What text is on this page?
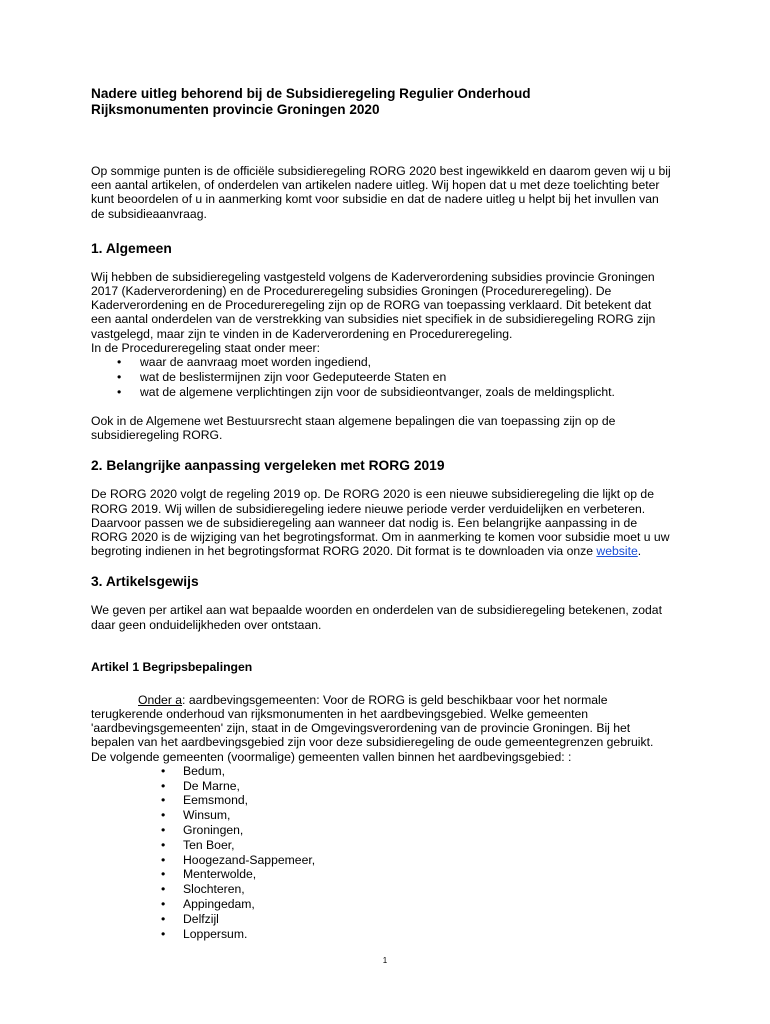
Nadere uitleg behorend bij de Subsidieregeling Regulier Onderhoud
Rijksmonumenten provincie Groningen 2020

Op sommige punten is de officiële subsidieregeling RORG 2020 best ingewikkeld en daarom geven wij u bij een aantal artikelen, of onderdelen van artikelen nadere uitleg. Wij hopen dat u met deze toelichting beter kunt beoordelen of u in aanmerking komt voor subsidie en dat de nadere uitleg u helpt bij het invullen van de subsidieaanvraag.

1. Algemeen

Wij hebben de subsidieregeling vastgesteld volgens de Kaderverordening subsidies provincie Groningen 2017 (Kaderverordening) en de Procedureregeling subsidies Groningen (Procedureregeling). De Kaderverordening en de Procedureregeling zijn op de RORG van toepassing verklaard. Dit betekent dat een aantal onderdelen van de verstrekking van subsidies niet specifiek in de subsidieregeling RORG zijn vastgelegd, maar zijn te vinden in de Kaderverordening en Procedureregeling.

In de Procedureregeling staat onder meer:

• waar de aanvraag moet worden ingediend,
• wat de beslistermijnen zijn voor Gedeputeerde Staten en
• wat de algemene verplichtingen zijn voor de subsidieontvanger, zoals de meldingsplicht.

Ook in de Algemene wet Bestuursrecht staan algemene bepalingen die van toepassing zijn op de subsidieregeling RORG.

2. Belangrijke aanpassing vergeleken met RORG 2019

De RORG 2020 volgt de regeling 2019 op. De RORG 2020 is een nieuwe subsidieregeling die lijkt op de RORG 2019. Wij willen de subsidieregeling iedere nieuwe periode verder verduidelijken en verbeteren. Daarvoor passen we de subsidieregeling aan wanneer dat nodig is. Een belangrijke aanpassing in de RORG 2020 is de wijziging van het begrotingsformat. Om in aanmerking te komen voor subsidie moet u uw begroting indienen in het begrotingsformat RORG 2020. Dit format is te downloaden via onze website.

3. Artikelsgewijs

We geven per artikel aan wat bepaalde woorden en onderdelen van de subsidieregeling betekenen, zodat daar geen onduidelijkheden over ontstaan.

Artikel 1 Begripsbepalingen

Onder a: aardbevingsgemeenten: Voor de RORG is geld beschikbaar voor het normale terugkerende onderhoud van rijksmonumenten in het aardbevingsgebied. Welke gemeenten 'aardbevingsgemeenten' zijn, staat in de Omgevingsverordening van de provincie Groningen. Bij het bepalen van het aardbevingsgebied zijn voor deze subsidieregeling de oude gemeentegrenzen gebruikt. De volgende gemeenten (voormalige) gemeenten vallen binnen het aardbevingsgebied: :

• Bedum,
• De Marne,
• Eemsmond,
• Winsum,
• Groningen,
• Ten Boer,
• Hoogezand-Sappemeer,
• Menterwolde,
• Slochteren,
• Appingedam,
• Delfzijl
• Loppersum.
1
